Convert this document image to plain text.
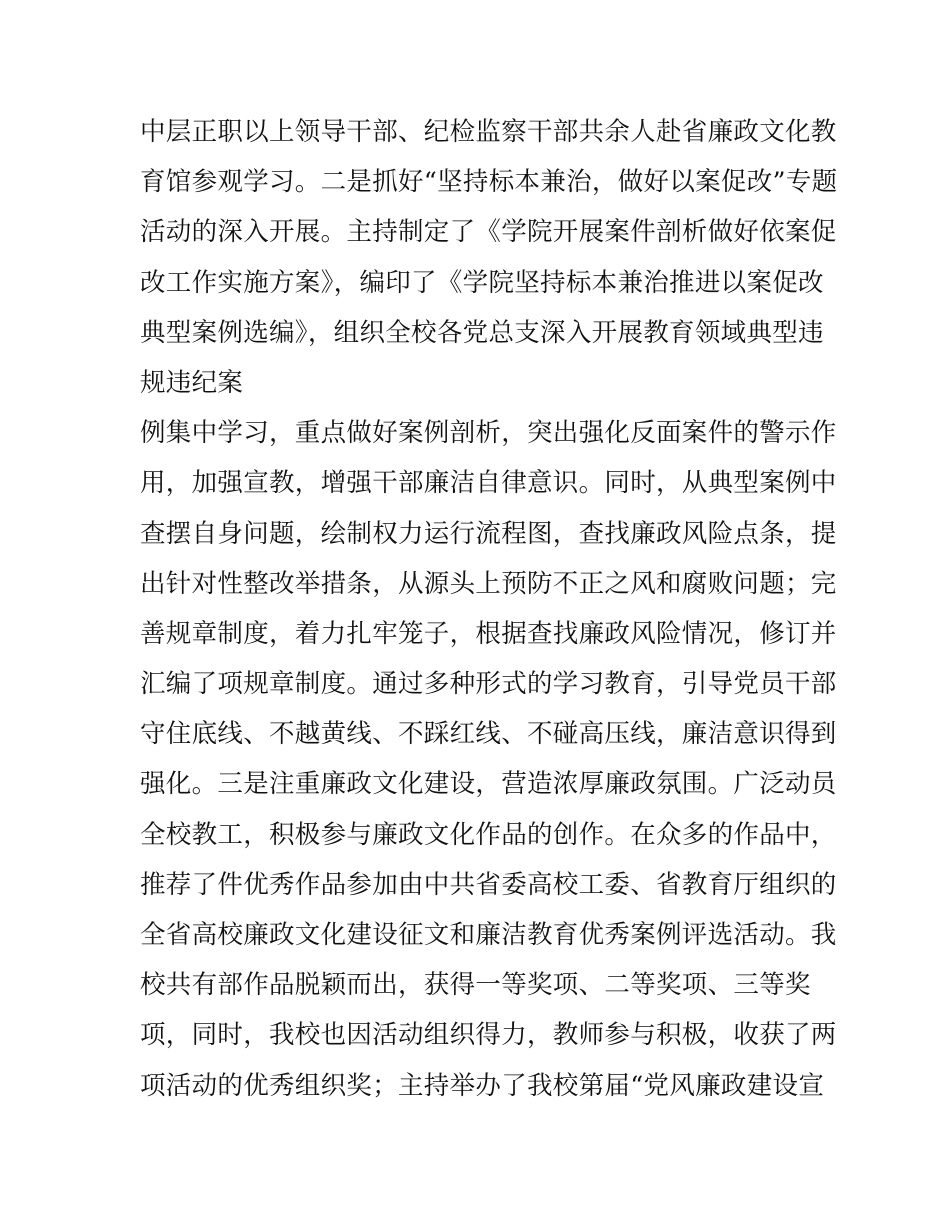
中层正职以上领导干部、纪检监察干部共余人赴省廉政文化教
育馆参观学习。二是抓好“坚持标本兼治，做好以案促改”专题
活动的深入开展。主持制定了《学院开展案件剖析做好依案促
改工作实施方案》，编印了《学院坚持标本兼治推进以案促改
典型案例选编》，组织全校各党总支深入开展教育领域典型违
规违纪案
例集中学习，重点做好案例剖析，突出强化反面案件的警示作
用，加强宣教，增强干部廉洁自律意识。同时，从典型案例中
查摆自身问题，绘制权力运行流程图，查找廉政风险点条，提
出针对性整改举措条，从源头上预防不正之风和腐败问题；完
善规章制度，着力扎牢笼子，根据查找廉政风险情况，修订并
汇编了项规章制度。通过多种形式的学习教育，引导党员干部
守住底线、不越黄线、不踩红线、不碰高压线，廉洁意识得到
强化。三是注重廉政文化建设，营造浓厚廉政氛围。广泛动员
全校教工，积极参与廉政文化作品的创作。在众多的作品中，
推荐了件优秀作品参加由中共省委高校工委、省教育厅组织的
全省高校廉政文化建设征文和廉洁教育优秀案例评选活动。我
校共有部作品脱颖而出，获得一等奖项、二等奖项、三等奖
项，同时，我校也因活动组织得力，教师参与积极，收获了两
项活动的优秀组织奖；主持举办了我校第届“党风廉政建设宣
